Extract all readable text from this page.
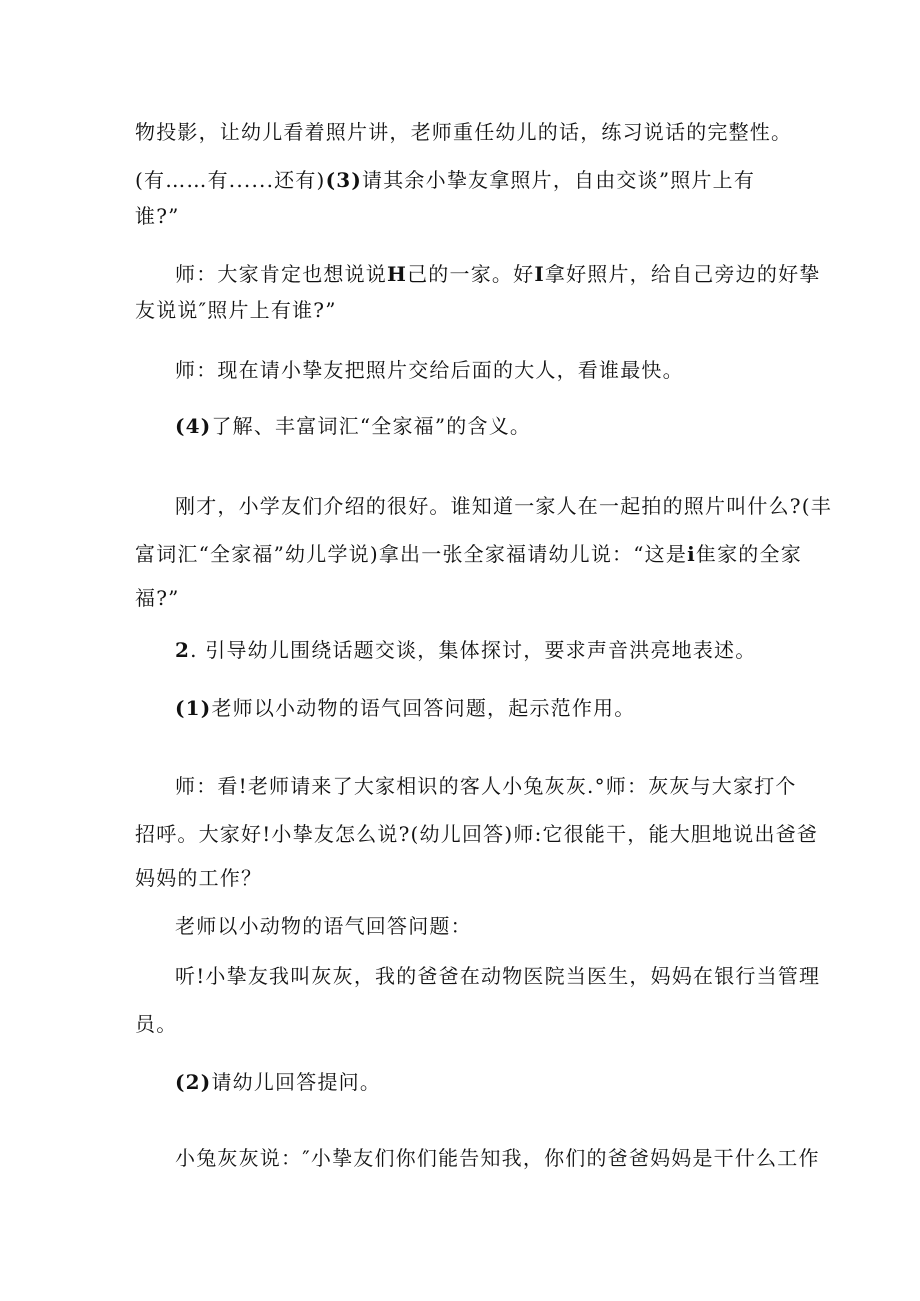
物投影，让幼儿看着照片讲，老师重任幼儿的话，练习说话的完整性。

(有……有......还有)(3)请其余小挚友拿照片，自由交谈”照片上有
谁?”

师：大家肯定也想说说H己的一家。好I拿好照片，给自己旁边的好挚
友说说″照片上有谁?”

师：现在请小挚友把照片交给后面的大人，看谁最快。

(4)了解、丰富词汇“全家福”的含义。

刚才，小学友们介绍的很好。谁知道一家人在一起拍的照片叫什么?(丰
富词汇“全家福”幼儿学说)拿出一张全家福请幼儿说：“这是i隹家的全家
福?”

2. 引导幼儿围绕话题交谈，集体探讨，要求声音洪亮地表述。

(1)老师以小动物的语气回答问题，起示范作用。

师：看!老师请来了大家相识的客人小兔灰灰.°师：灰灰与大家打个
招呼。大家好!小挚友怎么说?(幼儿回答)师:它很能干，能大胆地说出爸爸
妈妈的工作？

老师以小动物的语气回答问题：

听!小挚友我叫灰灰，我的爸爸在动物医院当医生，妈妈在银行当管理
员。

(2)请幼儿回答提问。

小兔灰灰说：″小挚友们你们能告知我，你们的爸爸妈妈是干什么工作
